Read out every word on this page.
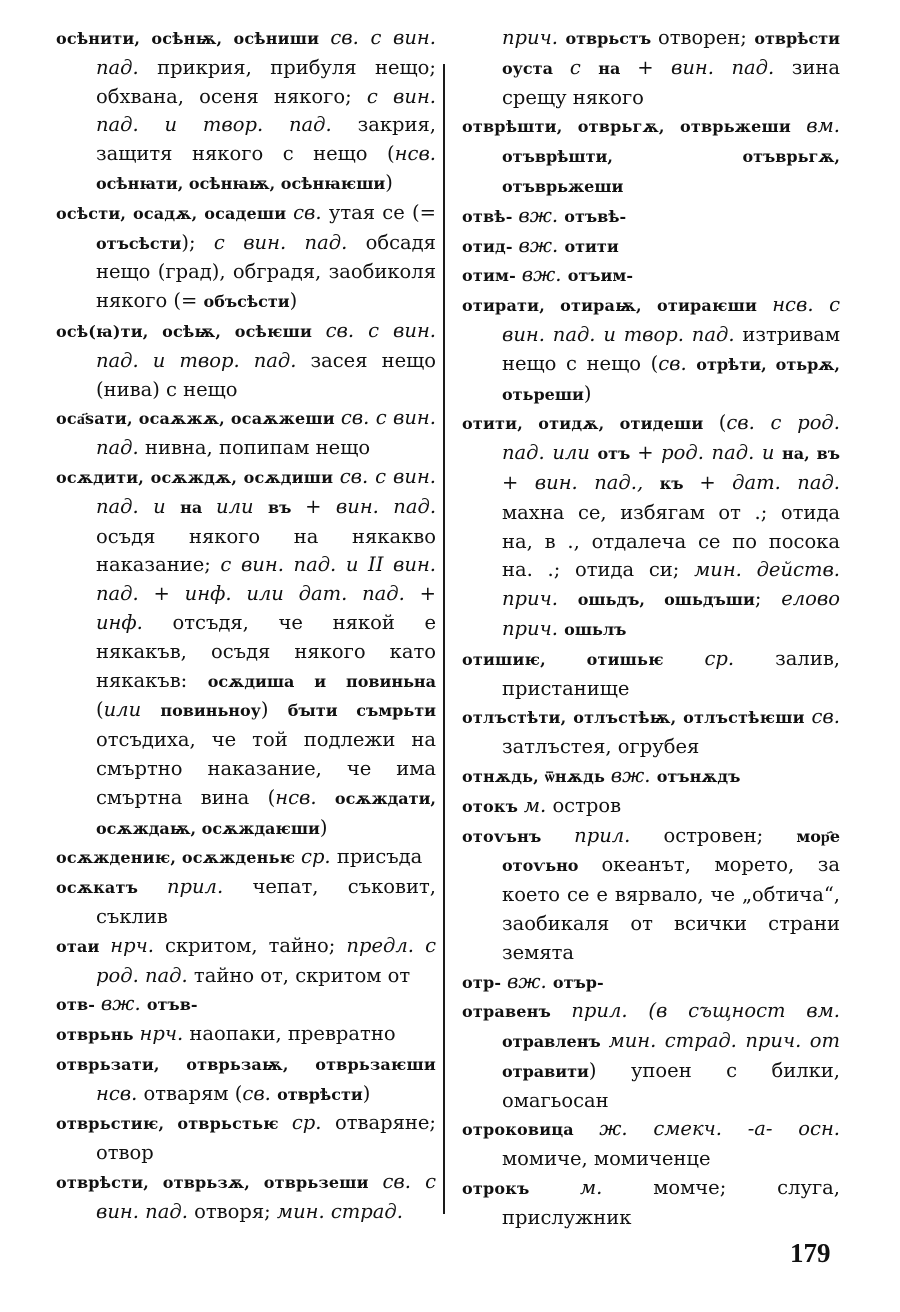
осѣнити, осѣнѭ, осѣниши св. с вин. пад. прикрия, прибуля нещо; обхвана, осеня някого; с вин. пад. и твор. пад. закрия, защитя някого с нещо (нсв. осѣнꙗти, осѣнꙗѭ, осѣнꙗѥши)

осѣсти, осадѫ, осадеши св. утая се (= отъсѣсти); с вин. пад. обсадя нещо (град), обградя, заобиколя някого (= объсѣсти)

осѣ(ꙗ)ти, осѣѭ, осѣѥши св. с вин. пад. и твор. пад. засея нещо (нива) с нещо

оса҃ѕати, осаѫжѫ, осаѫжеши св. с вин. пад. нивна, попипам нещо

осѫдити, осѫждѫ, осѫдиши св. с вин. пад. и на или въ + вин. пад. осъдя някого на някакво наказание; с вин. пад. и II вин. пад. + инф. или дат. пад. + инф. отсъдя, че някой е някакъв, осъдя някого като някакъв: осѫдиша и повиньна (или повиньноу) бꙑти съмрьти отсъдиха, че той подлежи на смъртно наказание, че има смъртна вина (нсв. осѫждати, осѫждаѭ, осѫждаѥши)

осѫждениѥ, осѫжденьѥ ср. присъда

осѫкатъ прил. чепат, съковит, съклив

отаи нрч. скритом, тайно; предл. с род. пад. тайно от, скритом от

отв- вж. отъв-

отврьнь нрч. наопаки, превратно

отврьзати, отврьзаѭ, отврьзаѥши нсв. отварям (св. отврѣсти)

отврьстиѥ, отврьстьѥ ср. отваряне; отвор

отврѣсти, отврьзѫ, отврьзеши св. с вин. пад. отворя; мин. страд.

прич. отврьстъ отворен; отврѣсти оуста с на + вин. пад. зина срещу някого

отврѣшти, отврьгѫ, отврьжеши вм. отъврѣшти, отъврьгѫ, отъврьжеши

отвѣ- вж. отъвѣ-

отид- вж. отити

отим- вж. отъим-

отирати, отираѭ, отираѥши нсв. с вин. пад. и твор. пад. изтривам нещо с нещо (св. отрѣти, отьрѫ, отьреши)

отити, отидѫ, отидеши (св. с род. пад. или отъ + род. пад. и на, въ + вин. пад., къ + дат. пад. махна се, избягам от .; отида на, в ., отдалеча се по посока на. .; отида си; мин. действ. прич. ошьдъ, ошьдъши; елово прич. ошьлъ

отишиѥ, отишьѥ ср. залив, пристанище

отлъстѣти, отлъстѣѭ, отлъстѣѥши св. затлъстея, огрубея

отнѫдь, ѿнѫдь вж. отънѫдъ

отокъ м. остров

отоѵьнъ прил. островен; мор҄е отоѵьно океанът, морето, за което се е вярвало, че „обтича“, заобикаля от всички страни земята

отр- вж. отър-

отравенъ прил. (в същност вм. отравленъ мин. страд. прич. от отравити) упоен с билки, омагьосан

отроковица ж. смекч. -а- осн. момиче, момиченце

отрокъ м. момче; слуга, прислужник

179
